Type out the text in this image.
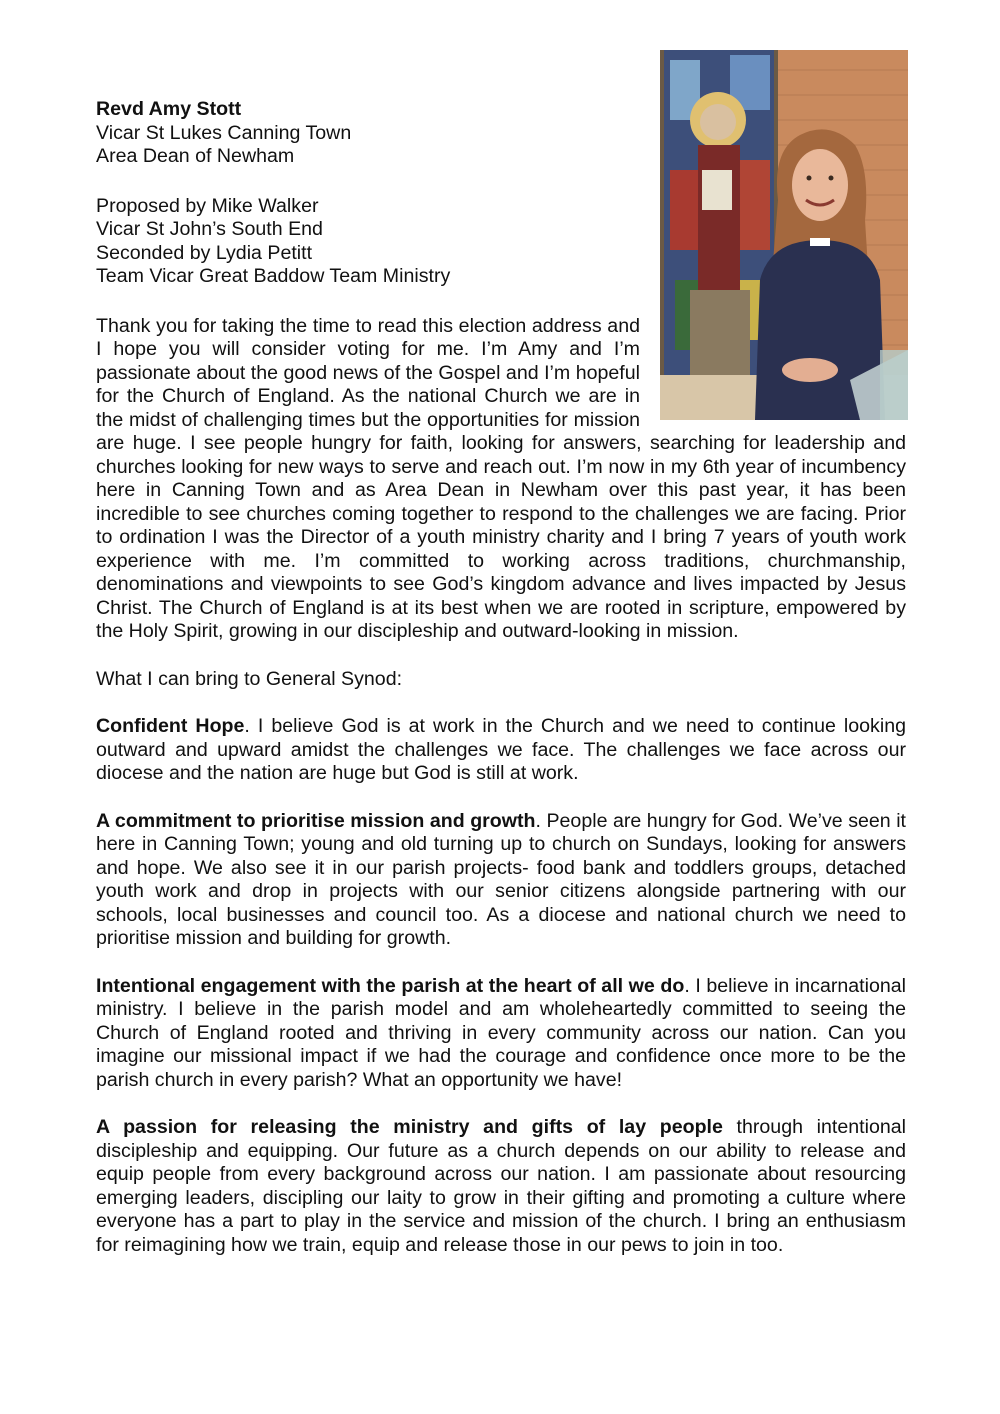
Revd Amy Stott

Vicar St Lukes Canning Town

Area Dean of Newham

Proposed by Mike Walker

Vicar St John’s South End

Seconded by Lydia Petitt

Team Vicar Great Baddow Team Ministry

Thank you for taking the time to read this election address and I hope you will consider voting for me. I’m Amy and I’m passionate about the good news of the Gospel and I’m hopeful for the Church of England. As the national Church we are in the midst of challenging times but the opportunities for mission are huge. I see people hungry for faith, looking for answers, searching for leadership and churches looking for new ways to serve and reach out. I’m now in my 6th year of incumbency here in Canning Town and as Area Dean in Newham over this past year, it has been incredible to see churches coming together to respond to the challenges we are facing. Prior to ordination I was the Director of a youth ministry charity and I bring 7 years of youth work experience with me. I’m committed to working across traditions, churchmanship, denominations and viewpoints to see God’s kingdom advance and lives impacted by Jesus Christ. The Church of England is at its best when we are rooted in scripture, empowered by the Holy Spirit, growing in our discipleship and outward-looking in mission.

What I can bring to General Synod:

Confident Hope. I believe God is at work in the Church and we need to continue looking outward and upward amidst the challenges we face. The challenges we face across our diocese and the nation are huge but God is still at work.

A commitment to prioritise mission and growth. People are hungry for God. We’ve seen it here in Canning Town; young and old turning up to church on Sundays, looking for answers and hope. We also see it in our parish projects- food bank and toddlers groups, detached youth work and drop in projects with our senior citizens alongside partnering with our schools, local businesses and council too. As a diocese and national church we need to prioritise mission and building for growth.

Intentional engagement with the parish at the heart of all we do. I believe in incarnational ministry. I believe in the parish model and am wholeheartedly committed to seeing the Church of England rooted and thriving in every community across our nation. Can you imagine our missional impact if we had the courage and confidence once more to be the parish church in every parish? What an opportunity we have!

A passion for releasing the ministry and gifts of lay people through intentional discipleship and equipping. Our future as a church depends on our ability to release and equip people from every background across our nation. I am passionate about resourcing emerging leaders, discipling our laity to grow in their gifting and promoting a culture where everyone has a part to play in the service and mission of the church. I bring an enthusiasm for reimagining how we train, equip and release those in our pews to join in too.
